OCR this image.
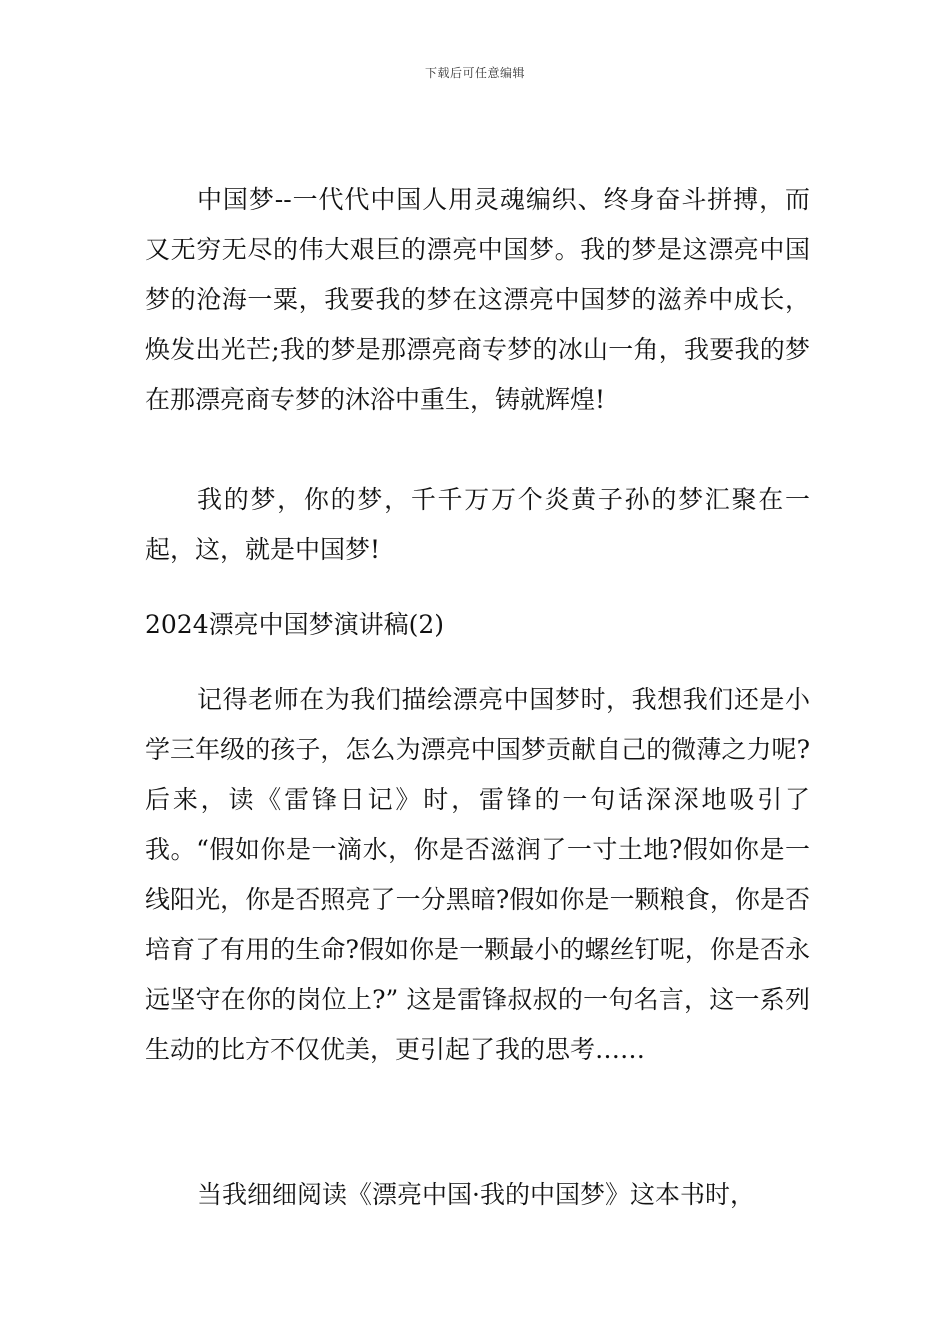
下载后可任意编辑

中国梦--一代代中国人用灵魂编织、终身奋斗拼搏，而又无穷无尽的伟大艰巨的漂亮中国梦。我的梦是这漂亮中国梦的沧海一粟，我要我的梦在这漂亮中国梦的滋养中成长，焕发出光芒;我的梦是那漂亮商专梦的冰山一角，我要我的梦在那漂亮商专梦的沐浴中重生，铸就辉煌!

我的梦，你的梦，千千万万个炎黄子孙的梦汇聚在一起，这，就是中国梦!

2024漂亮中国梦演讲稿(2)

记得老师在为我们描绘漂亮中国梦时，我想我们还是小学三年级的孩子，怎么为漂亮中国梦贡献自己的微薄之力呢?后来，读《雷锋日记》时，雷锋的一句话深深地吸引了我。“假如你是一滴水，你是否滋润了一寸土地?假如你是一线阳光，你是否照亮了一分黑暗?假如你是一颗粮食，你是否培育了有用的生命?假如你是一颗最小的螺丝钉呢，你是否永远坚守在你的岗位上?” 这是雷锋叔叔的一句名言，这一系列生动的比方不仅优美，更引起了我的思考……

当我细细阅读《漂亮中国·我的中国梦》这本书时，
